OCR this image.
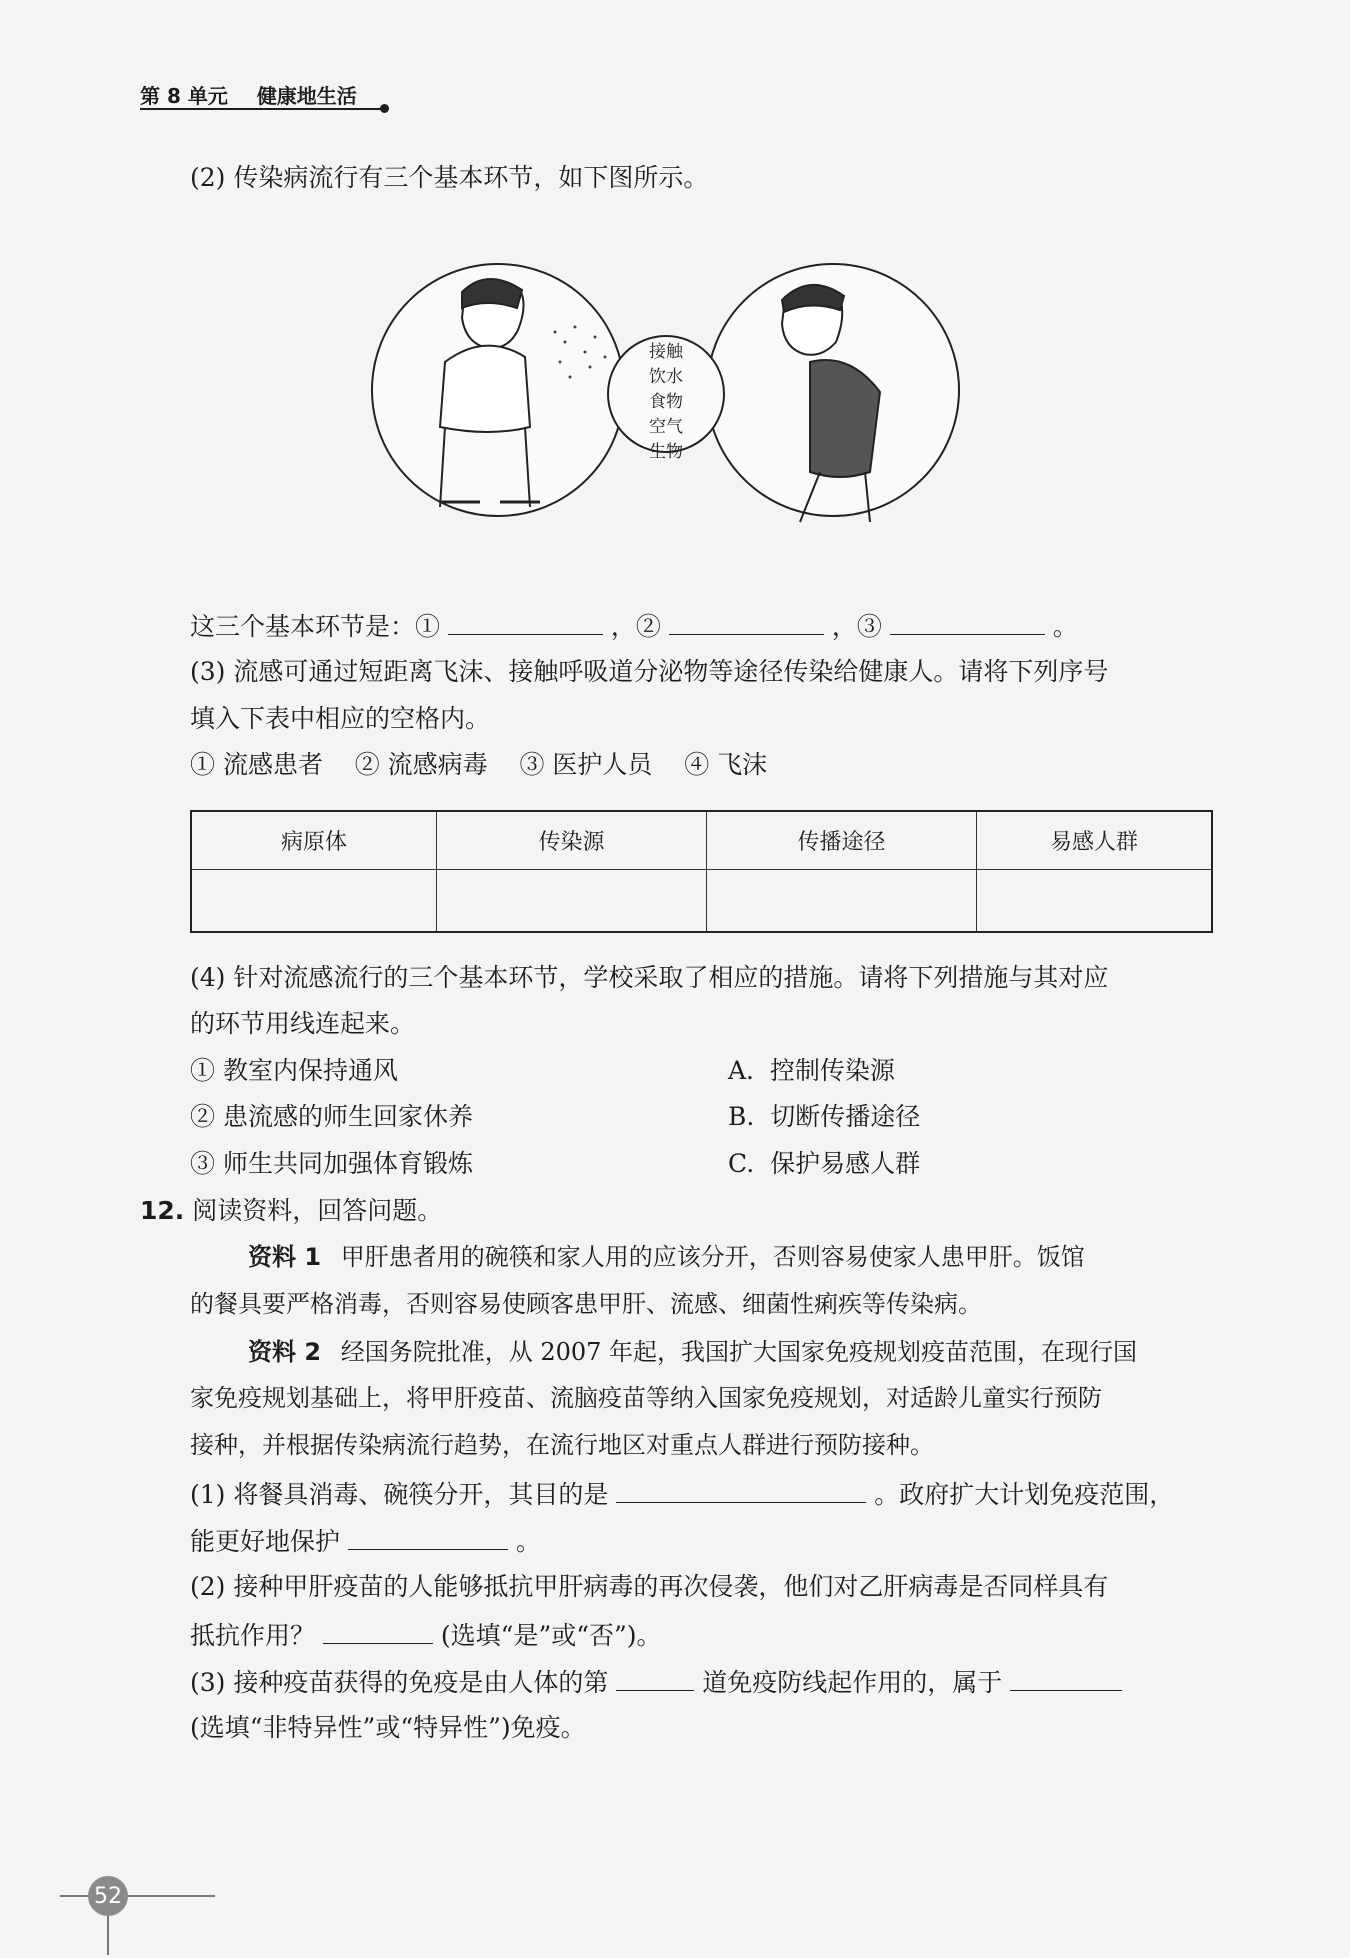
第 8 单元 健康地生活
(2) 传染病流行有三个基本环节，如下图所示。
接触
饮水
食物
空气
生物
这三个基本环节是：①	，②	，③	。
(3) 流感可通过短距离飞沫、接触呼吸道分泌物等途径传染给健康人。请将下列序号
填入下表中相应的空格内。
① 流感患者    ② 流感病毒    ③ 医护人员    ④ 飞沫
病原体	传染源	传播途径	易感人群
(4) 针对流感流行的三个基本环节，学校采取了相应的措施。请将下列措施与其对应
的环节用线连起来。
① 教室内保持通风
② 患流感的师生回家休养
③ 师生共同加强体育锻炼
A.  控制传染源
B.  切断传播途径
C.  保护易感人群
12. 阅读资料，回答问题。
资料 1 甲肝患者用的碗筷和家人用的应该分开，否则容易使家人患甲肝。饭馆
的餐具要严格消毒，否则容易使顾客患甲肝、流感、细菌性痢疾等传染病。
资料 2 经国务院批准，从 2007 年起，我国扩大国家免疫规划疫苗范围，在现行国
家免疫规划基础上，将甲肝疫苗、流脑疫苗等纳入国家免疫规划，对适龄儿童实行预防
接种，并根据传染病流行趋势，在流行地区对重点人群进行预防接种。
(1) 将餐具消毒、碗筷分开，其目的是	。政府扩大计划免疫范围，
能更好地保护	。
(2) 接种甲肝疫苗的人能够抵抗甲肝病毒的再次侵袭，他们对乙肝病毒是否同样具有
抵抗作用？	(选填“是”或“否”)。
(3) 接种疫苗获得的免疫是由人体的第	道免疫防线起作用的，属于
(选填“非特异性”或“特异性”)免疫。
52
